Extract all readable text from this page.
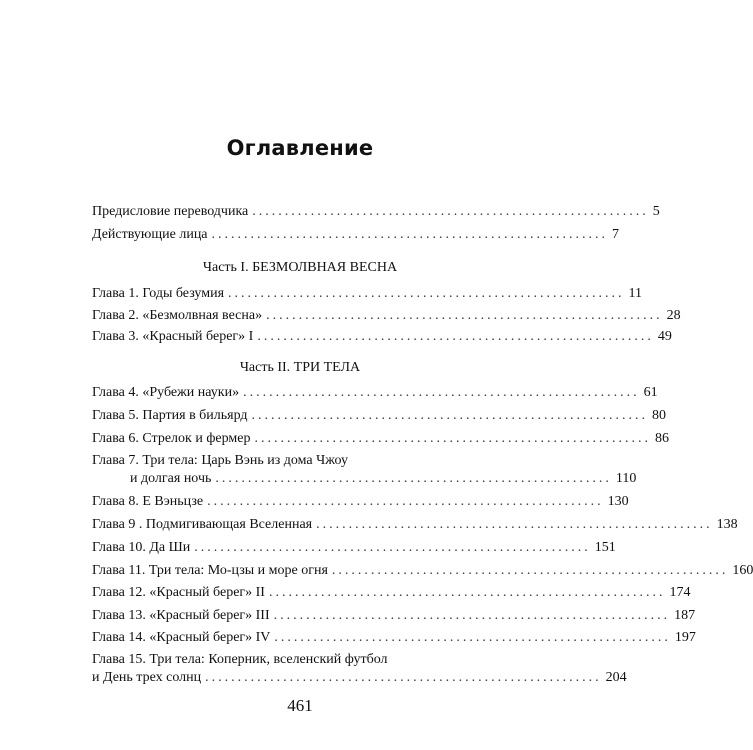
Оглавление
Предисловие переводчика ............................................................. 5
Действующие лица ............................................................. 7
Часть I. БЕЗМОЛВНАЯ ВЕСНА
Глава 1. Годы безумия ............................................................. 11
Глава 2. «Безмолвная весна» ............................................................. 28
Глава 3. «Красный берег» I ............................................................. 49
Часть II. ТРИ ТЕЛА
Глава 4. «Рубежи науки» ............................................................. 61
Глава 5. Партия в бильярд ............................................................. 80
Глава 6. Стрелок и фермер ............................................................. 86
Глава 7. Три тела: Царь Вэнь из дома Чжоу
и долгая ночь ............................................................. 110
Глава 8. Е Вэньцзе ............................................................. 130
Глава 9 . Подмигивающая Вселенная ............................................................. 138
Глава 10. Да Ши ............................................................. 151
Глава 11. Три тела: Мо-цзы и море огня ............................................................. 160
Глава 12. «Красный берег» II ............................................................. 174
Глава 13. «Красный берег» III ............................................................. 187
Глава 14. «Красный берег» IV ............................................................. 197
Глава 15. Три тела: Коперник, вселенский футбол
и День трех солнц ............................................................. 204
461
